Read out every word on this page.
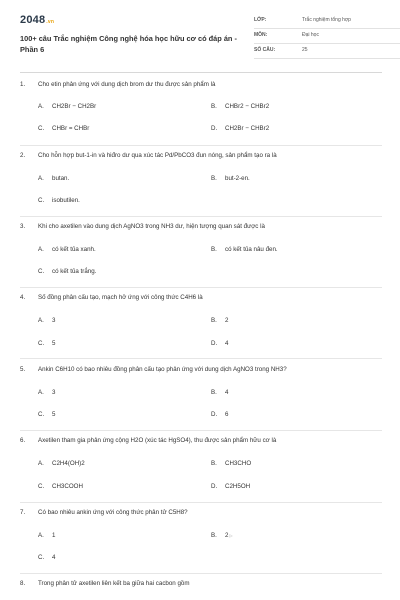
2048.vn
100+ câu Trắc nghiệm Công nghệ hóa học hữu cơ có đáp án - Phần 6
LỚP:	Trắc nghiệm tổng hợp
MÔN:	Đại học
SỐ CÂU:	25
1. Cho etin phản ứng với dung dịch brom dư thu được sản phẩm là
A. CH2Br − CH2Br	B. CHBr2 − CHBr2
C. CHBr = CHBr	D. CH2Br − CHBr2
2. Cho hỗn hợp but-1-in và hiđro dư qua xúc tác Pd/PbCO3 đun nóng, sản phẩm tạo ra là
A. butan.	B. but-2-en.
C. isobutilen.
3. Khi cho axetilen vào dung dịch AgNO3 trong NH3 dư, hiện tượng quan sát được là
A. có kết tủa xanh.	B. có kết tủa nâu đen.
C. có kết tủa trắng.
4. Số đồng phân cấu tạo, mạch hở ứng với công thức C4H6 là
A. 3	B. 2
C. 5	D. 4
5. Ankin C6H10 có bao nhiêu đồng phân cấu tạo phản ứng với dung dịch AgNO3 trong NH3?
A. 3	B. 4
C. 5	D. 6
6. Axetilen tham gia phản ứng cộng H2O (xúc tác HgSO4), thu được sản phẩm hữu cơ là
A. C2H4(OH)2	B. CH3CHO
C. CH3COOH	D. C2H5OH
7. Có bao nhiêu ankin ứng với công thức phân tử C5H8?
A. 1	B. 2▷
C. 4
8. Trong phân tử axetilen liên kết ba giữa hai cacbon gồm
